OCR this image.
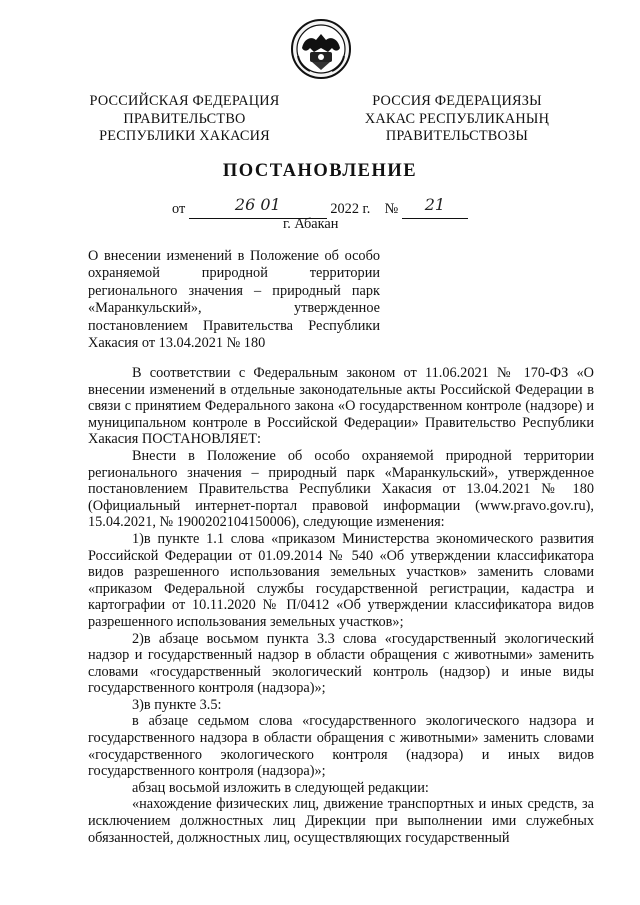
РОССИЙСКАЯ ФЕДЕРАЦИЯ
ПРАВИТЕЛЬСТВО
РЕСПУБЛИКИ ХАКАСИЯ
РОССИЯ ФЕДЕРАЦИЯЗЫ
ХАКАС РЕСПУБЛИКАНЫҢ
ПРАВИТЕЛЬСТВОЗЫ
ПОСТАНОВЛЕНИЕ
от	26 01	2022 г. № 21
г. Абакан
О внесении изменений в Положение об особо охраняемой природной территории регионального значения – природный парк «Маранкульский», утвержденное постановлением Правительства Республики Хакасия от 13.04.2021 № 180

В соответствии с Федеральным законом от 11.06.2021 № 170-ФЗ «О внесении изменений в отдельные законодательные акты Российской Федерации в связи с принятием Федерального закона «О государственном контроле (надзоре) и муниципальном контроле в Российской Федерации» Правительство Республики Хакасия ПОСТАНОВЛЯЕТ:

Внести в Положение об особо охраняемой природной территории регионального значения – природный парк «Маранкульский», утвержденное постановлением Правительства Республики Хакасия от 13.04.2021 № 180 (Официальный интернет-портал правовой информации (www.pravo.gov.ru), 15.04.2021, № 1900202104150006), следующие изменения:

1)в пункте 1.1 слова «приказом Министерства экономического развития Российской Федерации от 01.09.2014 № 540 «Об утверждении классификатора видов разрешенного использования земельных участков» заменить словами «приказом Федеральной службы государственной регистрации, кадастра и картографии от 10.11.2020 № П/0412 «Об утверждении классификатора видов разрешенного использования земельных участков»;

2)в абзаце восьмом пункта 3.3 слова «государственный экологический надзор и государственный надзор в области обращения с животными» заменить словами «государственный экологический контроль (надзор) и иные виды государственного контроля (надзора)»;

3)в пункте 3.5:

в абзаце седьмом слова «государственного экологического надзора и государственного надзора в области обращения с животными» заменить словами «государственного экологического контроля (надзора) и иных видов государственного контроля (надзора)»;

абзац восьмой изложить в следующей редакции:

«нахождение физических лиц, движение транспортных и иных средств, за исключением должностных лиц Дирекции при выполнении ими служебных обязанностей, должностных лиц, осуществляющих государственный
